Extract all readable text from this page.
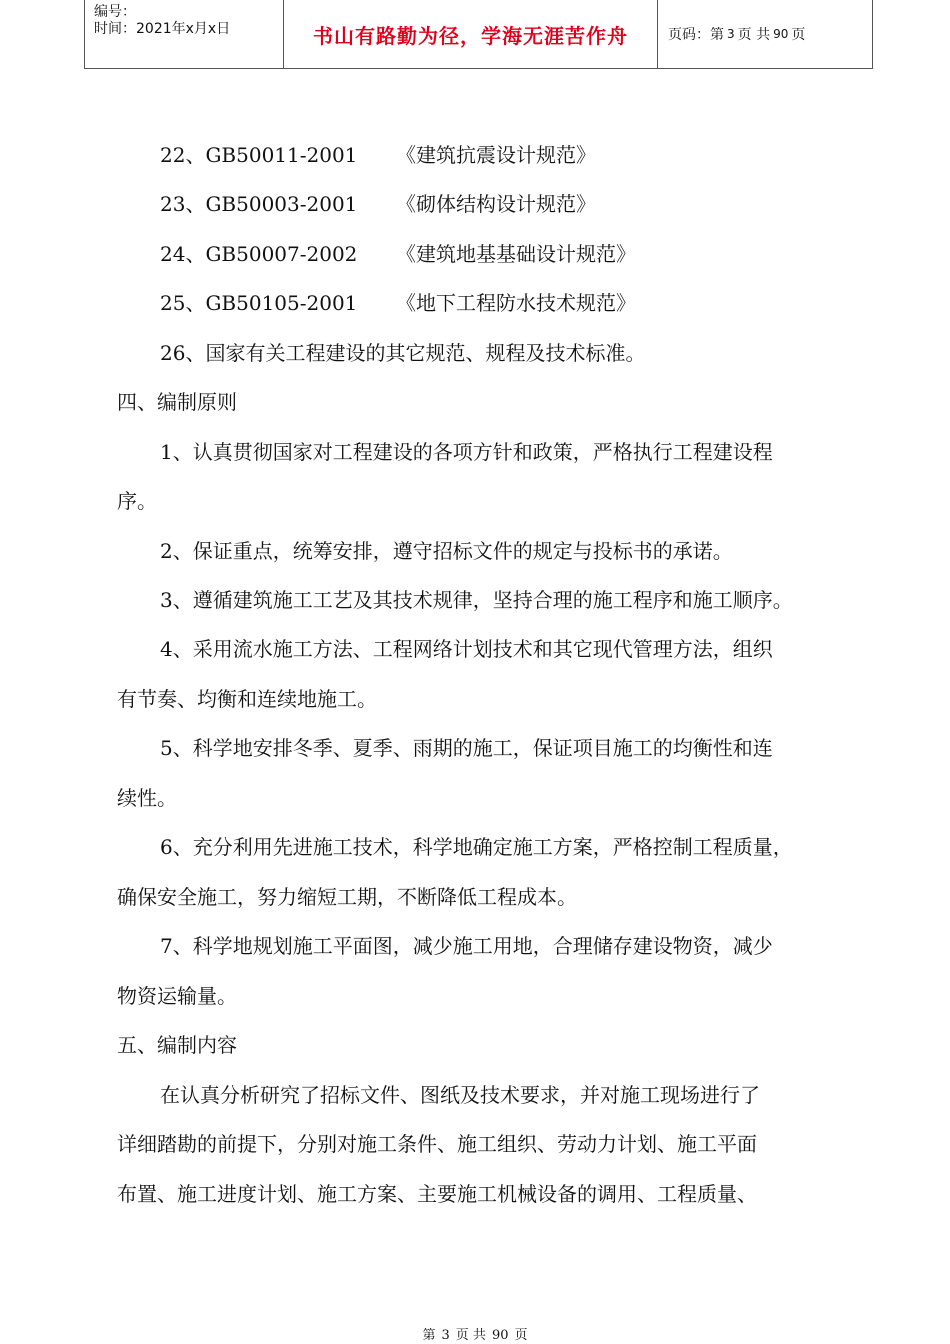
编号：
时间：2021年x月x日	书山有路勤为径，学海无涯苦作舟	页码：第 3 页 共 90 页
22、GB50011-2001 《建筑抗震设计规范》
23、GB50003-2001 《砌体结构设计规范》
24、GB50007-2002 《建筑地基基础设计规范》
25、GB50105-2001 《地下工程防水技术规范》
26、国家有关工程建设的其它规范、规程及技术标准。
四、编制原则
1、认真贯彻国家对工程建设的各项方针和政策，严格执行工程建设程
序。
2、保证重点，统筹安排，遵守招标文件的规定与投标书的承诺。
3、遵循建筑施工工艺及其技术规律，坚持合理的施工程序和施工顺序。
4、采用流水施工方法、工程网络计划技术和其它现代管理方法，组织
有节奏、均衡和连续地施工。
5、科学地安排冬季、夏季、雨期的施工，保证项目施工的均衡性和连
续性。
6、充分利用先进施工技术，科学地确定施工方案，严格控制工程质量，
确保安全施工，努力缩短工期，不断降低工程成本。
7、科学地规划施工平面图，减少施工用地，合理储存建设物资，减少
物资运输量。
五、编制内容
在认真分析研究了招标文件、图纸及技术要求，并对施工现场进行了
详细踏勘的前提下，分别对施工条件、施工组织、劳动力计划、施工平面
布置、施工进度计划、施工方案、主要施工机械设备的调用、工程质量、
第 3 页 共 90 页
